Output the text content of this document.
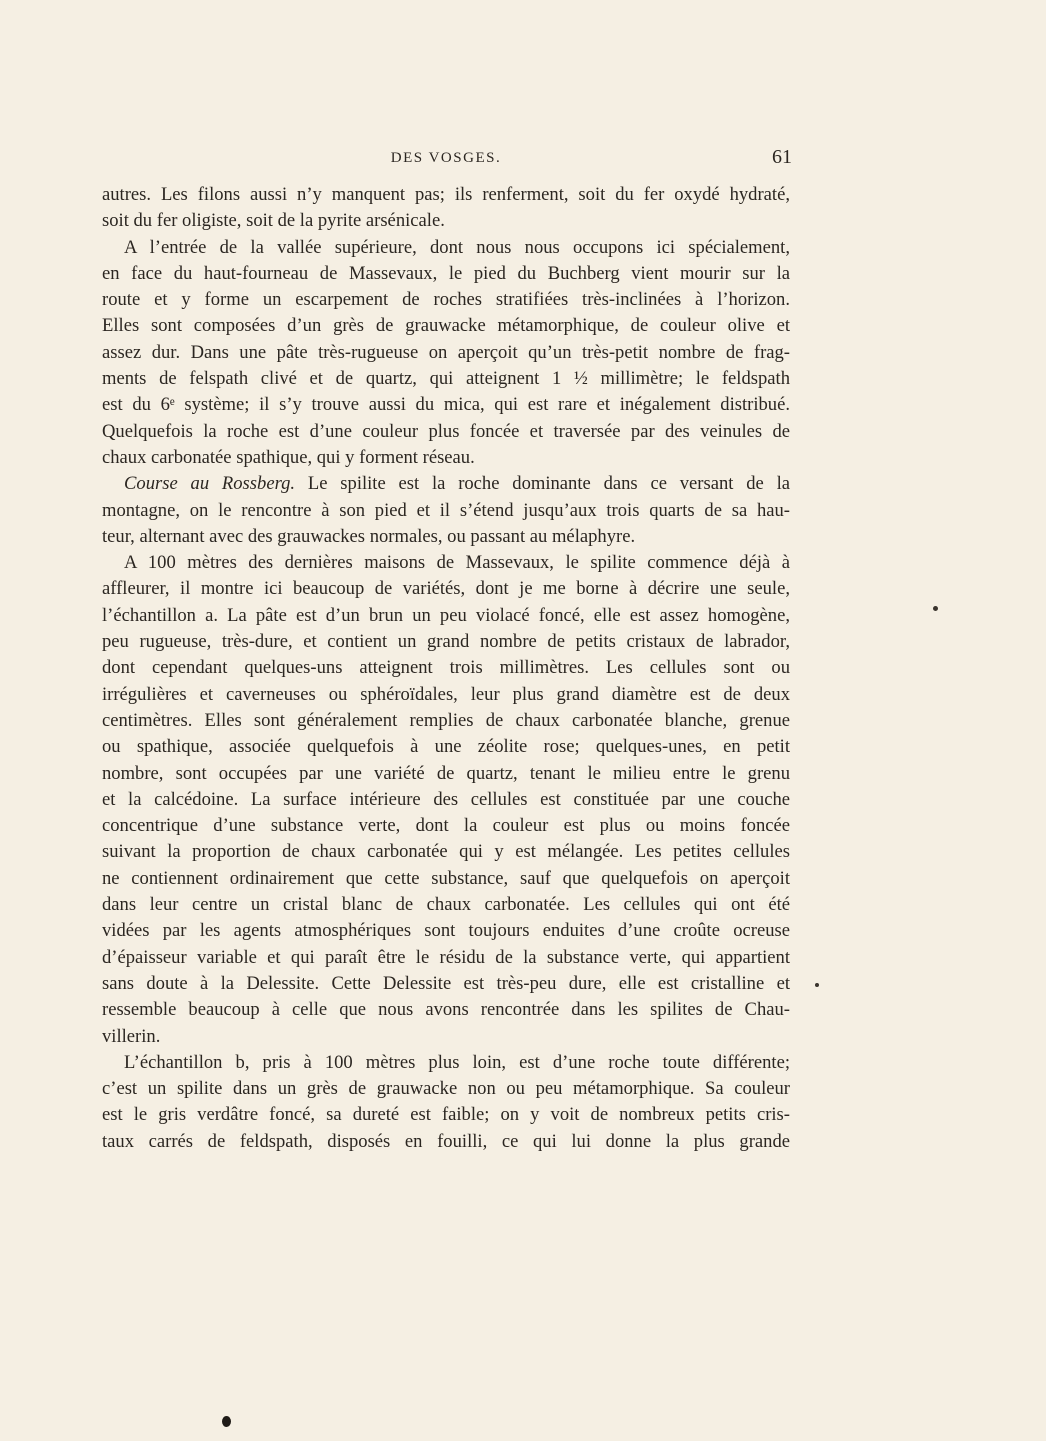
DES VOSGES.	61
autres. Les filons aussi n’y manquent pas; ils renferment, soit du fer oxydé hydraté,
soit du fer oligiste, soit de la pyrite arsénicale.
A l’entrée de la vallée supérieure, dont nous nous occupons ici spécialement,
en face du haut-fourneau de Massevaux, le pied du Buchberg vient mourir sur la
route et y forme un escarpement de roches stratifiées très-inclinées à l’horizon.
Elles sont composées d’un grès de grauwacke métamorphique, de couleur olive et
assez dur. Dans une pâte très-rugueuse on aperçoit qu’un très-petit nombre de frag-
ments de felspath clivé et de quartz, qui atteignent 1 ½ millimètre; le feldspath
est du 6ᵉ système; il s’y trouve aussi du mica, qui est rare et inégalement distribué.
Quelquefois la roche est d’une couleur plus foncée et traversée par des veinules de
chaux carbonatée spathique, qui y forment réseau.
Course au Rossberg. Le spilite est la roche dominante dans ce versant de la
montagne, on le rencontre à son pied et il s’étend jusqu’aux trois quarts de sa hau-
teur, alternant avec des grauwackes normales, ou passant au mélaphyre.
A 100 mètres des dernières maisons de Massevaux, le spilite commence déjà à
affleurer, il montre ici beaucoup de variétés, dont je me borne à décrire une seule,
l’échantillon a. La pâte est d’un brun un peu violacé foncé, elle est assez homogène,
peu rugueuse, très-dure, et contient un grand nombre de petits cristaux de labrador,
dont cependant quelques-uns atteignent trois millimètres. Les cellules sont ou
irrégulières et caverneuses ou sphéroïdales, leur plus grand diamètre est de deux
centimètres. Elles sont généralement remplies de chaux carbonatée blanche, grenue
ou spathique, associée quelquefois à une zéolite rose; quelques-unes, en petit
nombre, sont occupées par une variété de quartz, tenant le milieu entre le grenu
et la calcédoine. La surface intérieure des cellules est constituée par une couche
concentrique d’une substance verte, dont la couleur est plus ou moins foncée
suivant la proportion de chaux carbonatée qui y est mélangée. Les petites cellules
ne contiennent ordinairement que cette substance, sauf que quelquefois on aperçoit
dans leur centre un cristal blanc de chaux carbonatée. Les cellules qui ont été
vidées par les agents atmosphériques sont toujours enduites d’une croûte ocreuse
d’épaisseur variable et qui paraît être le résidu de la substance verte, qui appartient
sans doute à la Delessite. Cette Delessite est très-peu dure, elle est cristalline et
ressemble beaucoup à celle que nous avons rencontrée dans les spilites de Chau-
villerin.
L’échantillon b, pris à 100 mètres plus loin, est d’une roche toute différente;
c’est un spilite dans un grès de grauwacke non ou peu métamorphique. Sa couleur
est le gris verdâtre foncé, sa dureté est faible; on y voit de nombreux petits cris-
taux carrés de feldspath, disposés en fouilli, ce qui lui donne la plus grande
